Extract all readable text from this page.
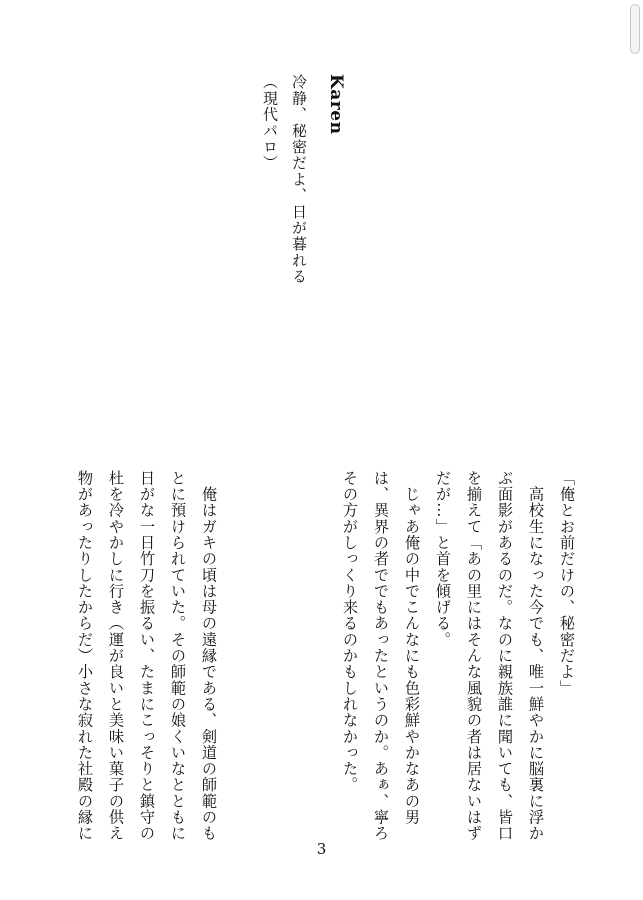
Karen
冷静、秘密だよ、日が暮れる
（現代パロ）

「俺とお前だけの、秘密だよ」

　高校生になった今でも、唯一鮮やかに脳裏に浮か

ぶ面影があるのだ。なのに親族誰に聞いても、皆口

を揃えて「あの里にはそんな風貌の者は居ないはず

だが…」と首を傾げる。

　じゃあ俺の中でこんなにも色彩鮮やかなあの男

は、異界の者ででもあったというのか。あぁ、寧ろ

その方がしっくり来るのかもしれなかった。

　俺はガキの頃は母の遠縁である、剣道の師範のも

とに預けられていた。その師範の娘くいなとともに

日がな一日竹刀を振るい、たまにこっそりと鎮守の

杜を冷やかしに行き（運が良いと美味い菓子の供え

物があったりしたからだ）小さな寂れた社殿の縁に

3
